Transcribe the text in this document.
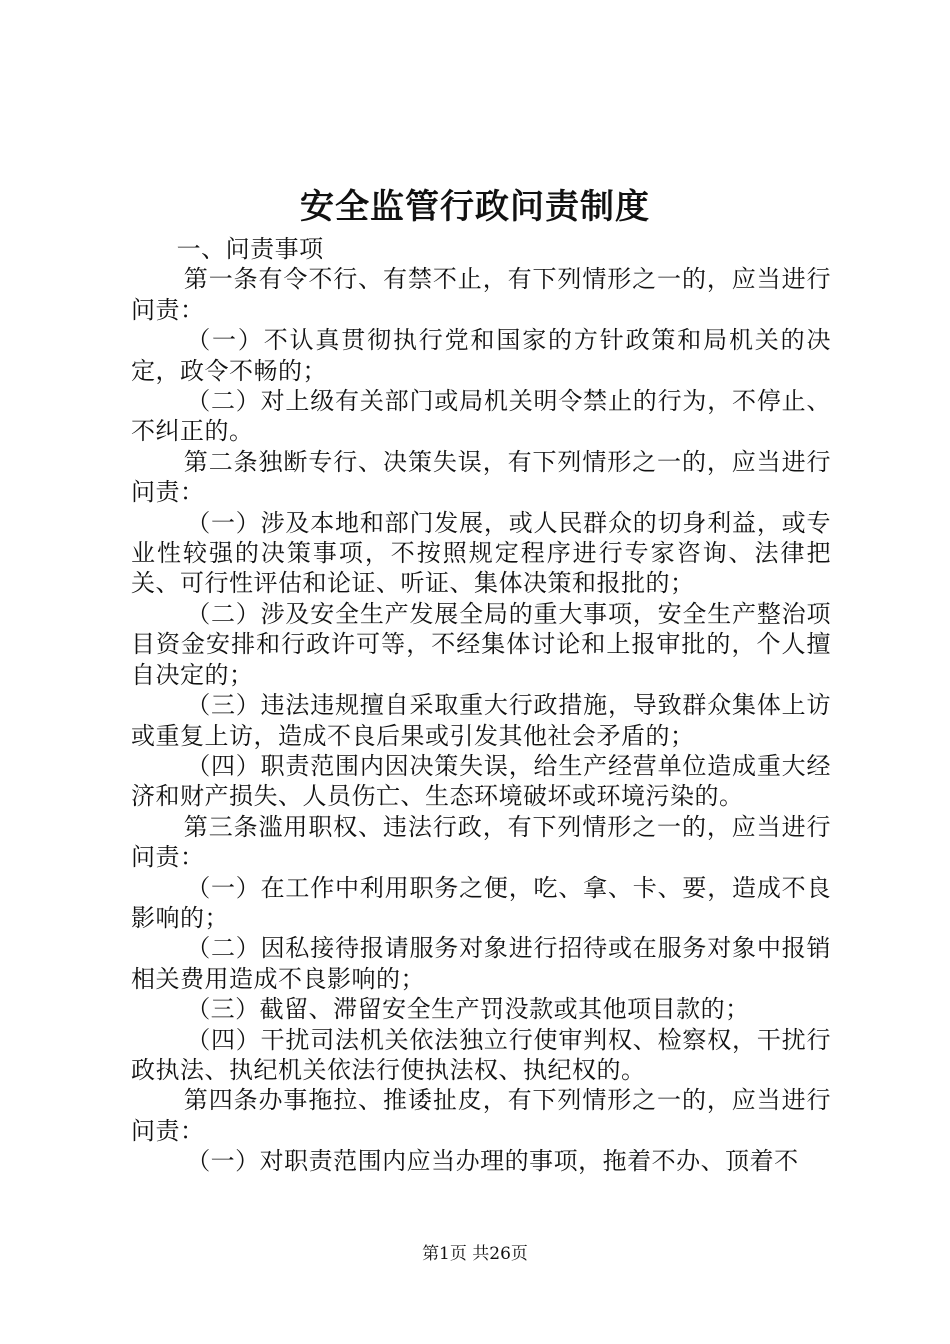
安全监管行政问责制度

一、问责事项

第一条有令不行、有禁不止，有下列情形之一的，应当进行问责：

（一）不认真贯彻执行党和国家的方针政策和局机关的决定，政令不畅的；

（二）对上级有关部门或局机关明令禁止的行为，不停止、不纠正的。

第二条独断专行、决策失误，有下列情形之一的，应当进行问责：

（一）涉及本地和部门发展，或人民群众的切身利益，或专业性较强的决策事项，不按照规定程序进行专家咨询、法律把关、可行性评估和论证、听证、集体决策和报批的；

（二）涉及安全生产发展全局的重大事项，安全生产整治项目资金安排和行政许可等，不经集体讨论和上报审批的，个人擅自决定的；

（三）违法违规擅自采取重大行政措施，导致群众集体上访或重复上访，造成不良后果或引发其他社会矛盾的；

（四）职责范围内因决策失误，给生产经营单位造成重大经济和财产损失、人员伤亡、生态环境破坏或环境污染的。

第三条滥用职权、违法行政，有下列情形之一的，应当进行问责：

（一）在工作中利用职务之便，吃、拿、卡、要，造成不良影响的；

（二）因私接待报请服务对象进行招待或在服务对象中报销相关费用造成不良影响的；

（三）截留、滞留安全生产罚没款或其他项目款的；

（四）干扰司法机关依法独立行使审判权、检察权，干扰行政执法、执纪机关依法行使执法权、执纪权的。

第四条办事拖拉、推诿扯皮，有下列情形之一的，应当进行问责：

（一）对职责范围内应当办理的事项，拖着不办、顶着不

第1页 共26页
